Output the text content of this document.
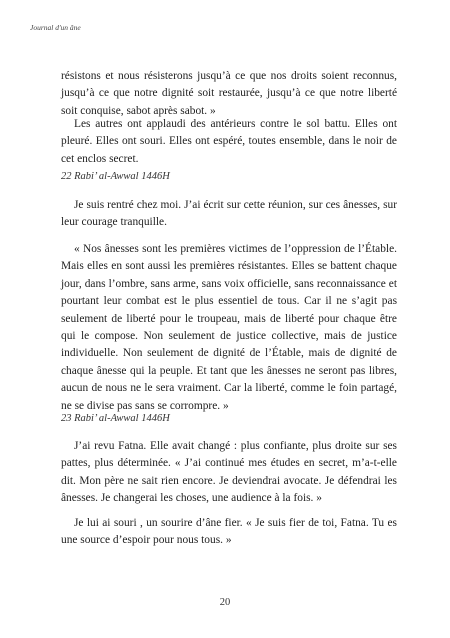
Journal d'un âne

résistons et nous résisterons jusqu’à ce que nos droits soient reconnus, jusqu’à ce que notre dignité soit restaurée, jusqu’à ce que notre liberté soit conquise, sabot après sabot. »

Les autres ont applaudi des antérieurs contre le sol battu. Elles ont pleuré. Elles ont souri. Elles ont espéré, toutes ensemble, dans le noir de cet enclos secret.

22 Rabi’ al-Awwal 1446H

Je suis rentré chez moi. J’ai écrit sur cette réunion, sur ces ânesses, sur leur courage tranquille.

« Nos ânesses sont les premières victimes de l’oppression de l’Étable. Mais elles en sont aussi les premières résistantes. Elles se battent chaque jour, dans l’ombre, sans arme, sans voix officielle, sans reconnaissance et pourtant leur combat est le plus essentiel de tous. Car il ne s’agit pas seulement de liberté pour le troupeau, mais de liberté pour chaque être qui le compose. Non seulement de justice collective, mais de justice individuelle. Non seulement de dignité de l’Étable, mais de dignité de chaque ânesse qui la peuple. Et tant que les ânesses ne seront pas libres, aucun de nous ne le sera vraiment. Car la liberté, comme le foin partagé, ne se divise pas sans se corrompre. »

23 Rabi’ al-Awwal 1446H

J’ai revu Fatna. Elle avait changé : plus confiante, plus droite sur ses pattes, plus déterminée. « J’ai continué mes études en secret, m’a-t-elle dit. Mon père ne sait rien encore. Je deviendrai avocate. Je défendrai les ânesses. Je changerai les choses, une audience à la fois. »

Je lui ai souri , un sourire d’âne fier. « Je suis fier de toi, Fatna. Tu es une source d’espoir pour nous tous. »

20
